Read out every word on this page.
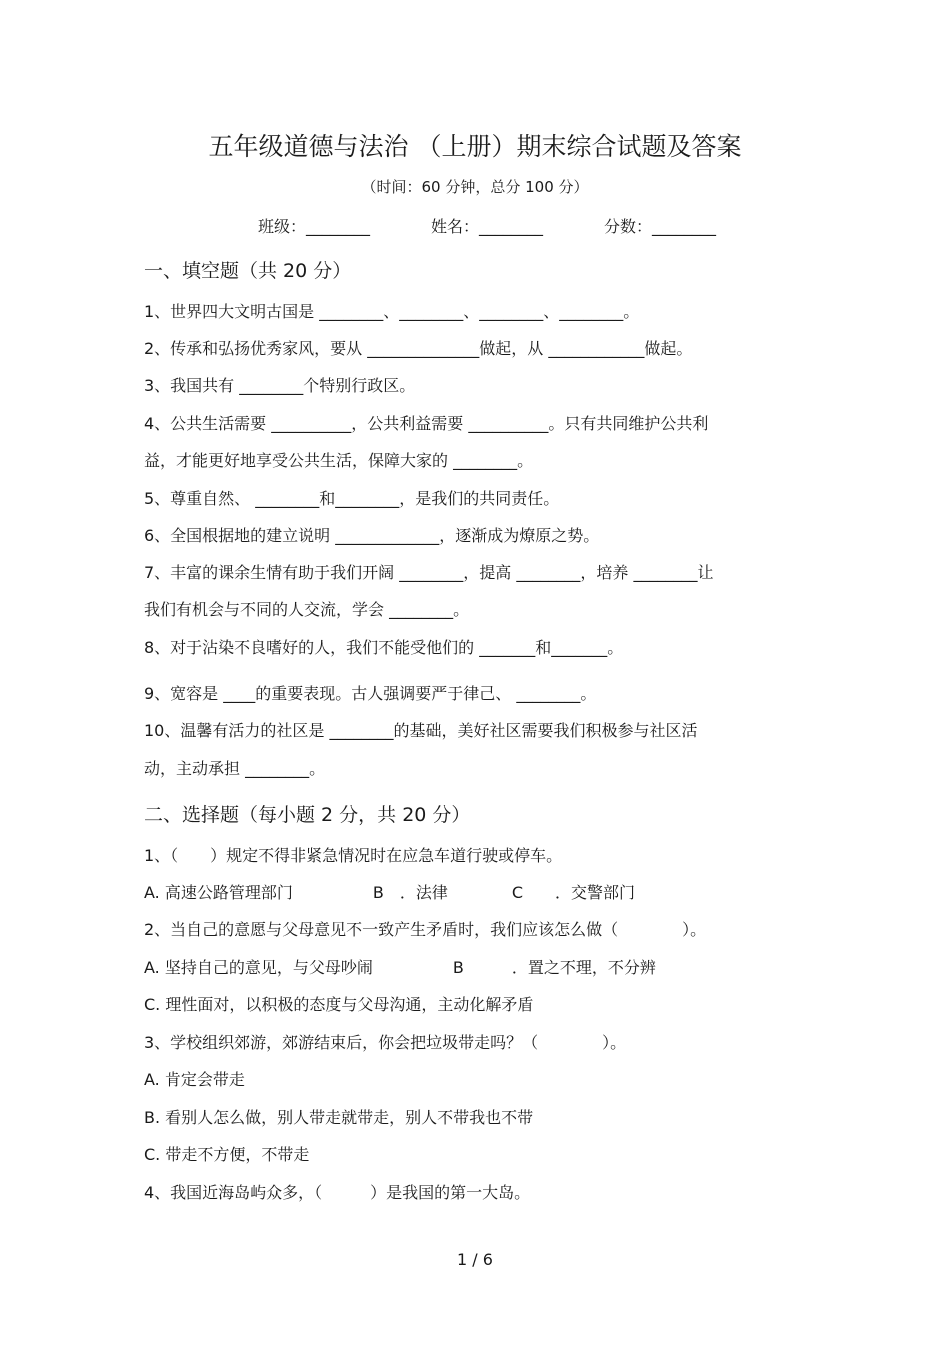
五年级道德与法治 （上册）期末综合试题及答案
（时间：60 分钟，总分 100 分）
班级：________	姓名：________	分数：________
一、填空题（共 20 分）
1、世界四大文明古国是 ________、________、________、________。
2、传承和弘扬优秀家风，要从 ______________做起，从 ____________做起。
3、我国共有 ________个特别行政区。
4、公共生活需要 __________，公共利益需要 __________。只有共同维护公共利
益，才能更好地享受公共生活，保障大家的 ________。
5、尊重自然、 ________和________，是我们的共同责任。
6、全国根据地的建立说明 _____________，逐渐成为燎原之势。
7、丰富的课余生情有助于我们开阔 ________，提高 ________，培养 ________让
我们有机会与不同的人交流，学会 ________。
8、对于沾染不良嗜好的人，我们不能受他们的 _______和_______。
9、宽容是 ____的重要表现。古人强调要严于律己、 ________。
10、温馨有活力的社区是 ________的基础，美好社区需要我们积极参与社区活
动，主动承担 ________。
二、选择题（每小题 2 分，共 20 分）
1、（　　）规定不得非紧急情况时在应急车道行驶或停车。
A. 高速公路管理部门　　　　　B　．法律　　　　C　　．交警部门
2、当自己的意愿与父母意见不一致产生矛盾时，我们应该怎么做（　　　　）。
A. 坚持自己的意见，与父母吵闹　　　　　B　　　．置之不理，不分辨
C. 理性面对，以积极的态度与父母沟通，主动化解矛盾
3、学校组织郊游，郊游结束后，你会把垃圾带走吗？（　　　　）。
A. 肯定会带走
B. 看别人怎么做，别人带走就带走，别人不带我也不带
C. 带走不方便，不带走
4、我国近海岛屿众多，（　　　）是我国的第一大岛。
1 / 6
